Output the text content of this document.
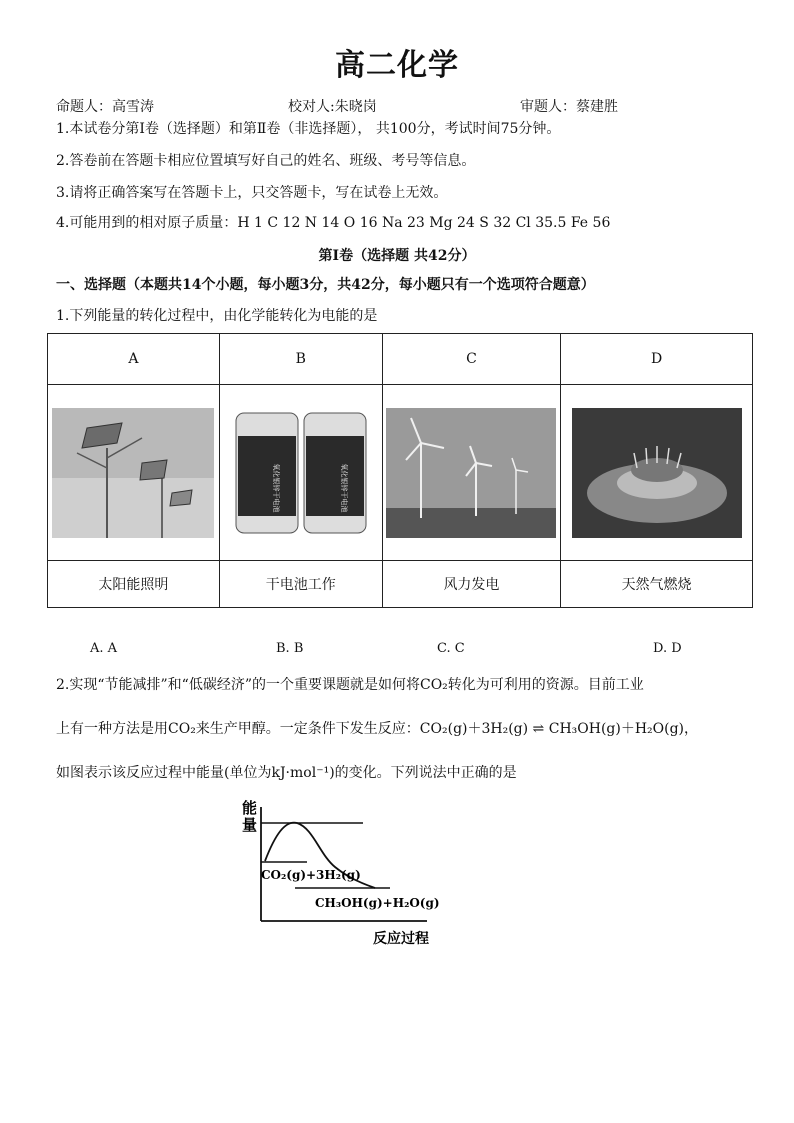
高二化学
命题人：高雪涛	校对人:朱晓岗	审题人：蔡建胜
1.本试卷分第Ⅰ卷（选择题）和第Ⅱ卷（非选择题）， 共100分，考试时间75分钟。
2.答卷前在答题卡相应位置填写好自己的姓名、班级、考号等信息。
3.请将正确答案写在答题卡上，只交答题卡，写在试卷上无效。
4.可能用到的相对原子质量：H 1 C 12 N 14 O 16 Na 23 Mg 24 S 32 Cl 35.5 Fe 56
第Ⅰ卷（选择题 共42分）
一、选择题（本题共14个小题，每小题3分，共42分，每小题只有一个选项符合题意）
1.下列能量的转化过程中，由化学能转化为电能的是
A	B	C	D

氧化银锌干电池 氧化银锌干电池

太阳能照明	干电池工作	风力发电	天然气燃烧
A. A	B. B	C. C	D. D
2.实现“节能减排”和“低碳经济”的一个重要课题就是如何将CO₂转化为可利用的资源。目前工业
上有一种方法是用CO₂来生产甲醇。一定条件下发生反应：CO₂(g)＋3H₂(g) ⇌ CH₃OH(g)＋H₂O(g)，
如图表示该反应过程中能量(单位为kJ·mol⁻¹)的变化。下列说法中正确的是
能
量
CO₂(g)+3H₂(g)
CH₃OH(g)+H₂O(g)
反应过程
